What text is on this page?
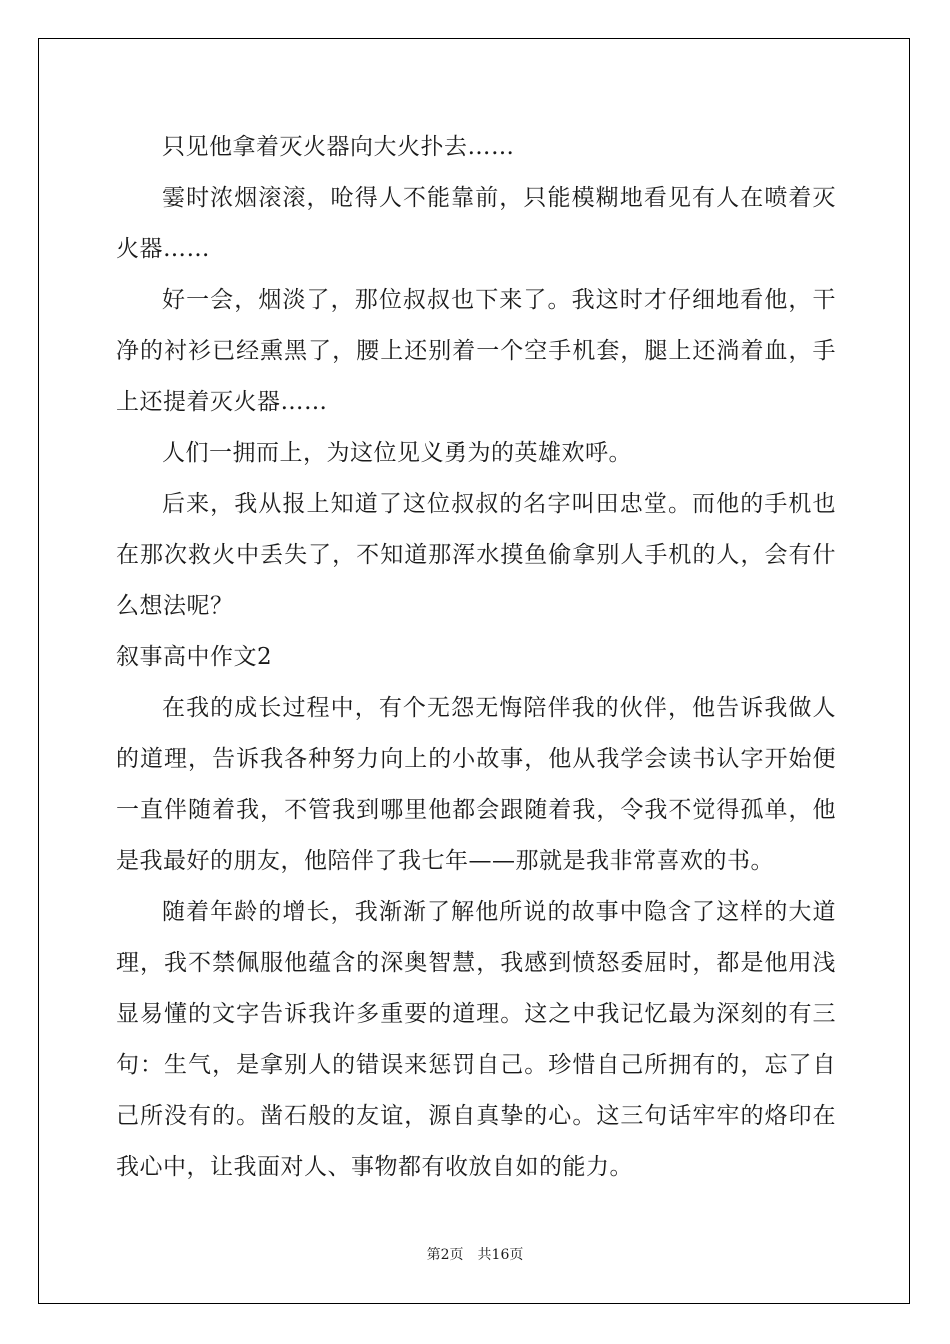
只见他拿着灭火器向大火扑去……

霎时浓烟滚滚，呛得人不能靠前，只能模糊地看见有人在喷着灭火器……

好一会，烟淡了，那位叔叔也下来了。我这时才仔细地看他，干净的衬衫已经熏黑了，腰上还别着一个空手机套，腿上还淌着血，手上还提着灭火器……

人们一拥而上，为这位见义勇为的英雄欢呼。

后来，我从报上知道了这位叔叔的名字叫田忠堂。而他的手机也在那次救火中丢失了，不知道那浑水摸鱼偷拿别人手机的人，会有什么想法呢？

叙事高中作文2

在我的成长过程中，有个无怨无悔陪伴我的伙伴，他告诉我做人的道理，告诉我各种努力向上的小故事，他从我学会读书认字开始便一直伴随着我，不管我到哪里他都会跟随着我，令我不觉得孤单，他是我最好的朋友，他陪伴了我七年——那就是我非常喜欢的书。

随着年龄的增长，我渐渐了解他所说的故事中隐含了这样的大道理，我不禁佩服他蕴含的深奥智慧，我感到愤怒委屈时，都是他用浅显易懂的文字告诉我许多重要的道理。这之中我记忆最为深刻的有三句：生气，是拿别人的错误来惩罚自己。珍惜自己所拥有的，忘了自己所没有的。凿石般的友谊，源自真挚的心。这三句话牢牢的烙印在我心中，让我面对人、事物都有收放自如的能力。

第2页 共16页
